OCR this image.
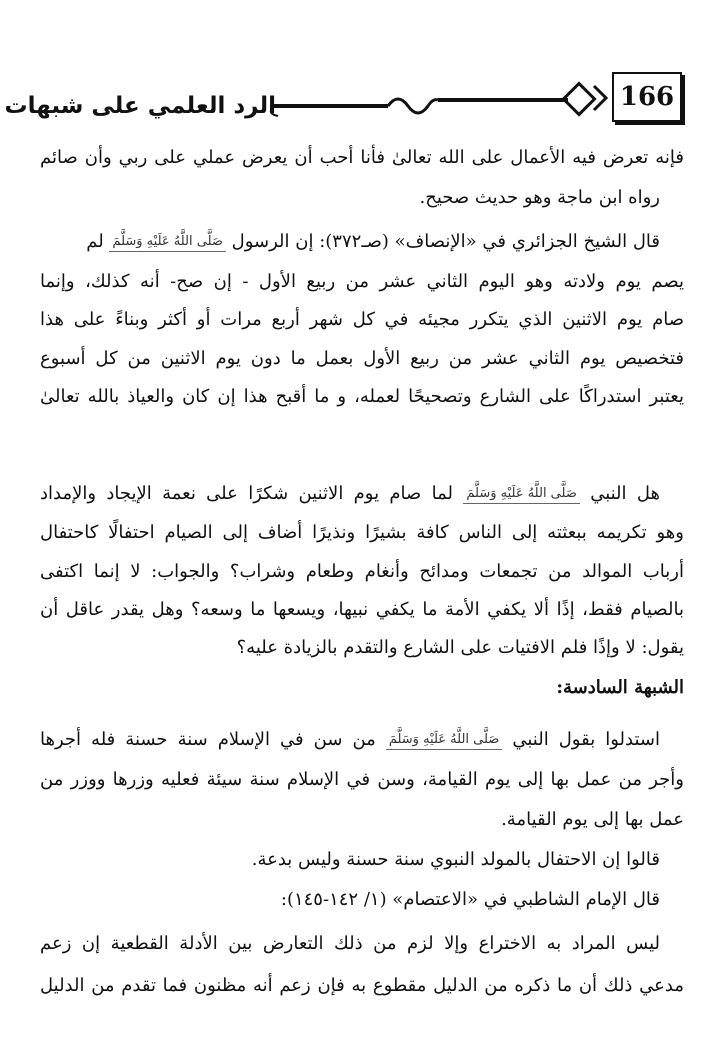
166
الرد العلمي على شبهات
فإنه تعرض فيه الأعمال على الله تعالىٰ فأنا أحب أن يعرض عملي على ربي وأن صائم
رواه ابن ماجة وهو حديث صحيح.
قال الشيخ الجزائري في «الإنصاف» (صـ٣٧٢): إن الرسول صَلَّى اللَّهُ عَلَيْهِ وَسَلَّمَ لم
يصم يوم ولادته وهو اليوم الثاني عشر من ربيع الأول - إن صح- أنه كذلك، وإنما
صام يوم الاثنين الذي يتكرر مجيئه في كل شهر أربع مرات أو أكثر وبناءً على هذا
فتخصيص يوم الثاني عشر من ربيع الأول بعمل ما دون يوم الاثنين من كل أسبوع
يعتبر استدراكًا على الشارع وتصحيحًا لعمله، و ما أقبح هذا إن كان والعياذ بالله تعالىٰ
هل النبي صَلَّى اللَّهُ عَلَيْهِ وَسَلَّمَ لما صام يوم الاثنين شكرًا على نعمة الإيجاد والإمداد
وهو تكريمه ببعثته إلى الناس كافة بشيرًا ونذيرًا أضاف إلى الصيام احتفالًا كاحتفال
أرباب الموالد من تجمعات ومدائح وأنغام وطعام وشراب؟ والجواب: لا إنما اكتفى
بالصيام فقط، إذًا ألا يكفي الأمة ما يكفي نبيها، ويسعها ما وسعه؟ وهل يقدر عاقل أن
يقول: لا وإذًا فلم الافتيات على الشارع والتقدم بالزيادة عليه؟
الشبهة السادسة:
استدلوا بقول النبي صَلَّى اللَّهُ عَلَيْهِ وَسَلَّمَ من سن في الإسلام سنة حسنة فله أجرها
وأجر من عمل بها إلى يوم القيامة، وسن في الإسلام سنة سيئة فعليه وزرها ووزر من
عمل بها إلى يوم القيامة.
قالوا إن الاحتفال بالمولد النبوي سنة حسنة وليس بدعة.
قال الإمام الشاطبي في «الاعتصام» (١/ ١٤٢-١٤٥):
ليس المراد به الاختراع وإلا لزم من ذلك التعارض بين الأدلة القطعية إن زعم
مدعي ذلك أن ما ذكره من الدليل مقطوع به فإن زعم أنه مظنون فما تقدم من الدليل
